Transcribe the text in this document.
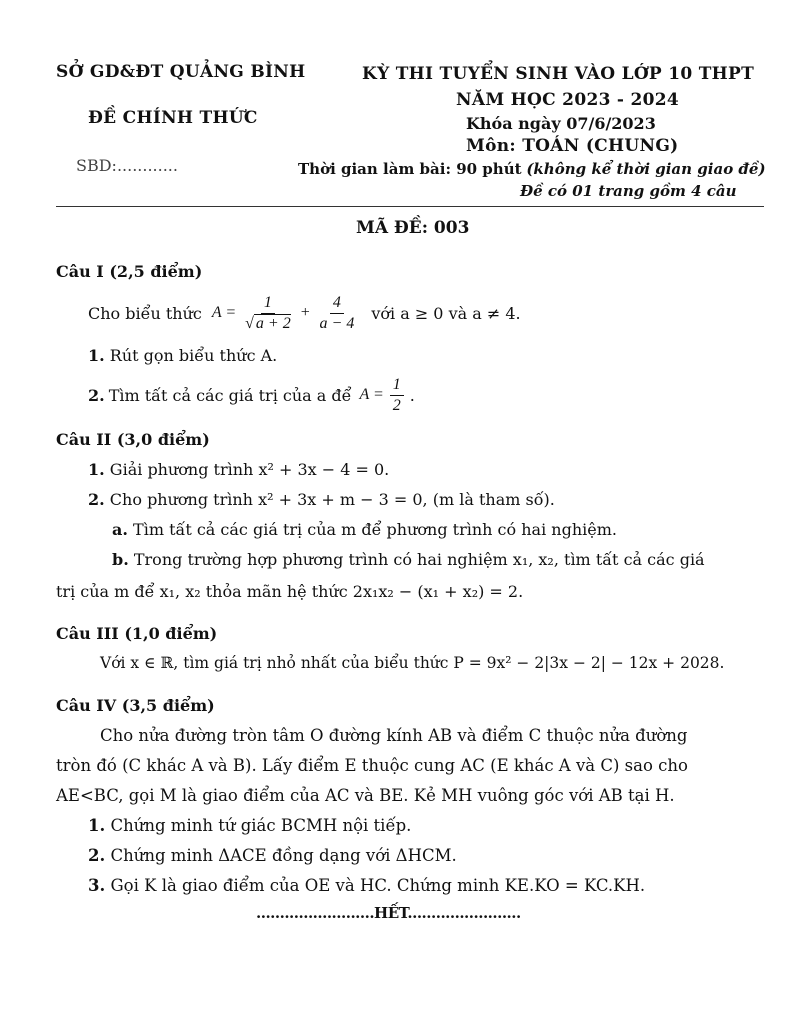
SỞ GD&ĐT QUẢNG BÌNH
ĐỀ CHÍNH THỨC
SBD:............
KỲ THI TUYỂN SINH VÀO LỚP 10 THPT
NĂM HỌC 2023 - 2024
Khóa ngày 07/6/2023
Môn: TOÁN (CHUNG)
Thời gian làm bài: 90 phút (không kể thời gian giao đề)
Đề có 01 trang gồm 4 câu
MÃ ĐỀ: 003
Câu I (2,5 điểm)
Cho biểu thức $A = \frac{1}{√ a + 2} + \frac{4}{a - 4}$ với a ≥ 0 và a ≠ 4.
1. Rút gọn biểu thức A.
2. Tìm tất cả các giá trị của a để $A = \frac{1}{2}$ .
Câu II (3,0 điểm)
1. Giải phương trình x² + 3x − 4 = 0.
2. Cho phương trình x² + 3x + m − 3 = 0, (m là tham số).
a. Tìm tất cả các giá trị của m để phương trình có hai nghiệm.
b. Trong trường hợp phương trình có hai nghiệm x₁, x₂, tìm tất cả các giá
trị của m để x₁, x₂ thỏa mãn hệ thức 2x₁x₂ − (x₁ + x₂) = 2.
Câu III (1,0 điểm)
Với x ∈ ℝ, tìm giá trị nhỏ nhất của biểu thức P = 9x² − 2|3x − 2| − 12x + 2028.
Câu IV (3,5 điểm)
Cho nửa đường tròn tâm O đường kính AB và điểm C thuộc nửa đường
tròn đó (C khác A và B). Lấy điểm E thuộc cung AC (E khác A và C) sao cho
AE<BC, gọi M là giao điểm của AC và BE. Kẻ MH vuông góc với AB tại H.
1. Chứng minh tứ giác BCMH nội tiếp.
2. Chứng minh ΔACE đồng dạng với ΔHCM.
3. Gọi K là giao điểm của OE và HC. Chứng minh KE.KO = KC.KH.
.........................HẾT........................
